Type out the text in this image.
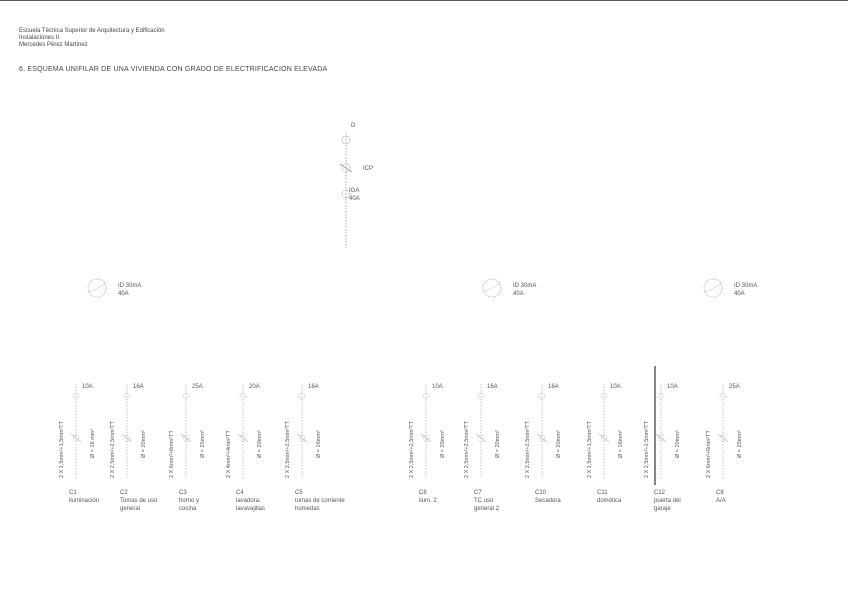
Escuela Técnica Superior de Arquitectura y Edificación
Instalaciones II
Mercedes Pérez Martínez
6. ESQUEMA UNIFILAR DE UNA VIVIENDA CON GRADO DE ELECTRIFICACION ELEVADA
D
ICP
IGA
40A
ID 30mA
40A
ID 30mA
40A
ID 30mA
40A
10A
2 X 1,5mm²+1,5mm²TT	Ø = 16 mm²
C1
iluminación
16A
2 X 2,5mm²+2,5mm²TT	Ø = 20mm²
C2
Tomas de uso
general
25A
2 X 6mm²+6mm²TT	Ø = 25mm²
C3
horno y
cocina
20A
2 X 4mm²+4mm²TT	Ø = 20mm²
C4
lavadora,
lavavajillas
16A
2 X 2,5mm²+2,5mm²TT	Ø = 16mm²
C5
tomas de corriente
húmedas
10A
2 X 2,5mm²+2,5mm²TT	Ø = 20mm²
C6
ilum. 2
16A
2 X 2,5mm²+2,5mm²TT	Ø = 20mm²
C7
TC uso
general 2
16A
2 X 2,5mm²+2,5mm²TT	Ø = 20mm²
C10
Secadora
10A
2 X 1,5mm²+1,5mm²TT	Ø = 16mm²
C11
domótica
10A
2 X 2,5mm²+2,5mm²TT	Ø = 20mm²
C12
puerta del
garaje
25A
2 X 6mm²+6mm²TT	Ø = 25mm²
C8
A/A
